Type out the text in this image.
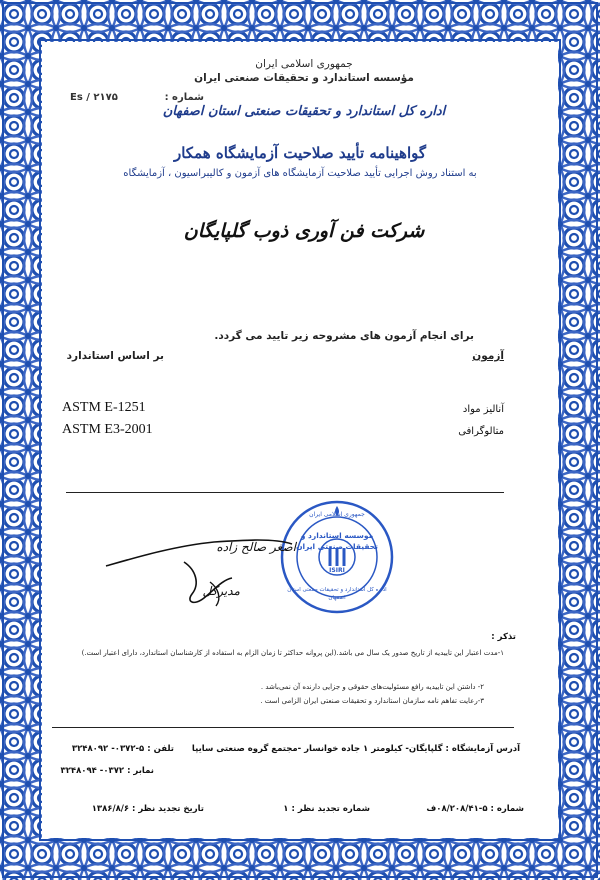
جمهوری اسلامی ایران
مؤسسه استاندارد و تحقیقات صنعتی ایران
اداره کل استاندارد و تحقیقات صنعتی استان اصفهان
شماره :
Es / ۲۱۷۵
گواهینامه تأیید صلاحیت آزمایشگاه همکار
به استناد روش اجرایی تأیید صلاحیت آزمایشگاه های آزمون و کالیبراسیون ، آزمایشگاه
شرکت فن آوری ذوب گلپایگان
برای انجام آزمون های مشروحه زیر تایید می گردد.
آزمون
بر اساس استاندارد
آنالیز مواد
ASTM E-1251
متالوگرافی
ASTM E3-2001
موسسه استاندارد و تحقیقات صنعتی ایران
جمهوری اسلامی ایران
اداره کل استاندارد و تحقیقات صنعتی استان اصفهان
ISIRI
اصغر صالح زاده
مدیرکل
تذکر :
۱-مدت اعتبار این تاییدیه از تاریخ صدور یک سال می باشد.(این پروانه حداکثر تا زمان الزام به استفاده از کارشناسان استاندارد، دارای اعتبار است.)
۲- داشتن این تاییدیه رافع مسئولیت‌های حقوقی و جزایی دارنده آن نمی‌باشد .
۳-رعایت تفاهم نامه سازمان استاندارد و تحقیقات صنعتی ایران الزامی است .
آدرس آزمایشگاه : گلپایگان- کیلومتر ۱ جاده خوانسار -مجتمع گروه صنعتی سایپا
تلفن : ۵-۰۳۷۲- ۳۲۴۸۰۹۲
نمابر : ۰۳۷۲- ۳۲۴۸۰۹۴
شماره : ۵-۰۸/۲۰۸/۴۱ف
شماره تجدید نظر : ۱
تاریخ تجدید نظر : ۱۳۸۶/۸/۶
